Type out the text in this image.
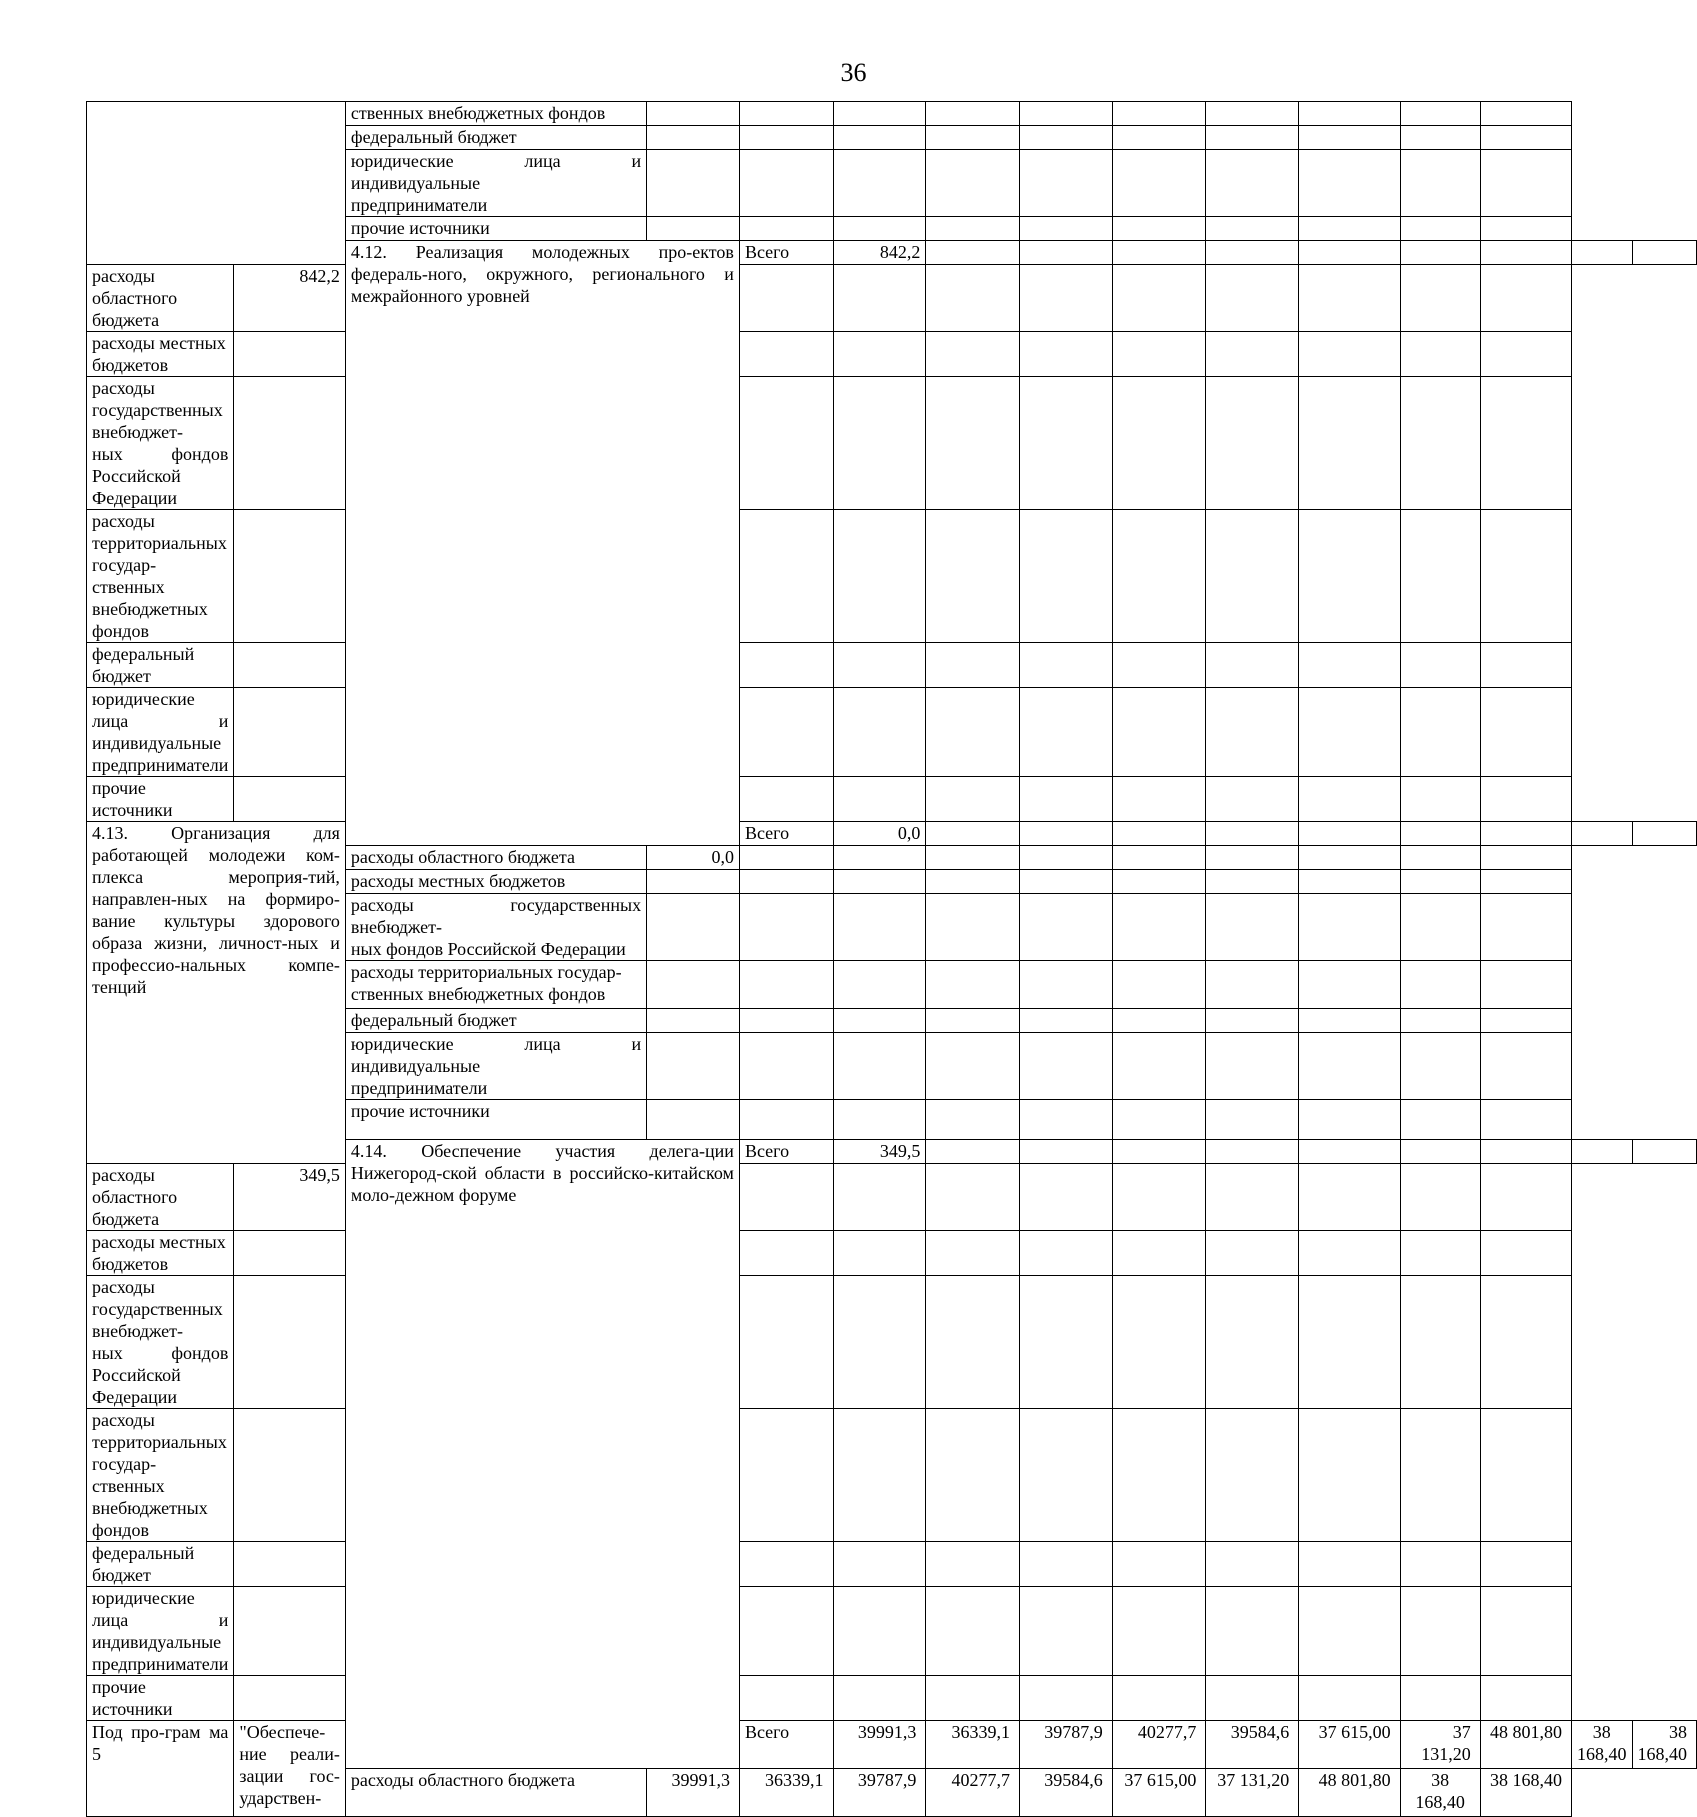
36
		ственных внебюджетных фондов												
		федеральный бюджет												

		юридические лица и индивидуальные
предприниматели												

		прочие источники												
		4.12. Реализация молодежных про-ектов федераль-ного, окружного, регионального и межрайонного уровней		Всего	842,2									
расходы областного бюджета	842,2													
расходы местных бюджетов														

расходы государственных внебюджет-
ных фондов Российской Федерации														

расходы территориальных государ-
ственных внебюджетных фондов														

федеральный бюджет														

юридические лица и индивидуальные
предприниматели														

прочие источники														
4.13. Организация для работающей молодежи ком-плекса мероприя-тий, направлен-ных на формиро-вание культуры здорового образа жизни, личност-ных и профессио-нальных компе-тенций				Всего	0,0									
		расходы областного бюджета	0,0											
		расходы местных бюджетов												

		расходы государственных внебюджет-
ных фондов Российской Федерации												

		расходы территориальных государ-
ственных внебюджетных фондов												

		федеральный бюджет												

		юридические лица и индивидуальные
предприниматели												

		прочие источники												
		4.14. Обеспечение участия делега-ции Нижегород-ской области в российско-китайском моло-дежном форуме		Всего	349,5									
расходы областного бюджета	349,5													
расходы местных бюджетов														

расходы государственных внебюджет-
ных фондов Российской Федерации														

расходы территориальных государ-
ственных внебюджетных фондов														

федеральный бюджет														

юридические лица и индивидуальные
предприниматели														

прочие источники														
Под про-грам ма 5	"Обеспече-ние реали-зации гос-ударствен-			Всего	39991,3	36339,1	39787,9	40277,7	39584,6	37 615,00	37 131,20	48 801,80	38 168,40	38 168,40
		расходы областного бюджета	39991,3	36339,1	39787,9	40277,7	39584,6	37 615,00	37 131,20	48 801,80	38 168,40	38 168,40		
